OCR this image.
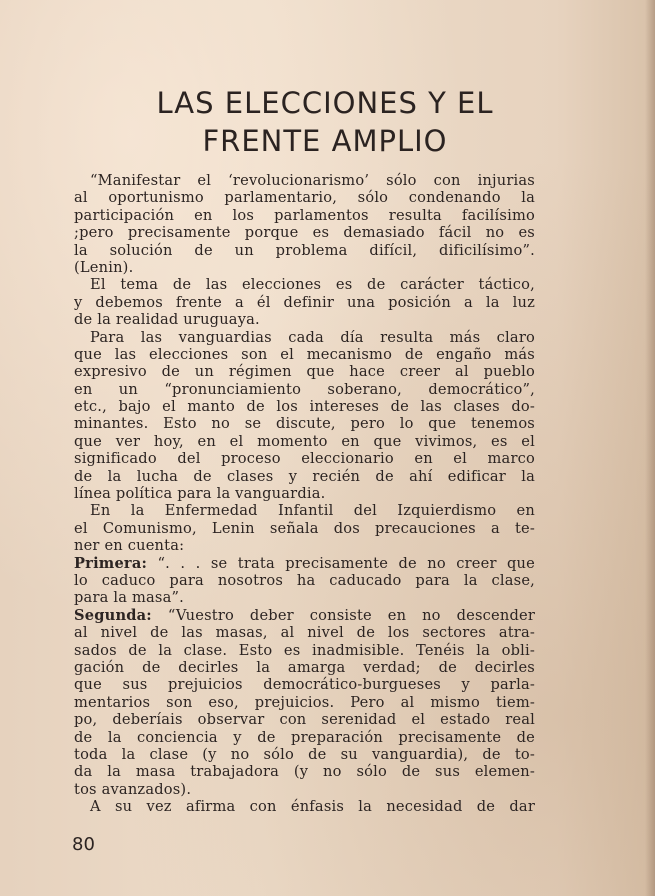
LAS ELECCIONES Y EL
FRENTE AMPLIO
“Manifestar el ‘revolucionarismo’ sólo con injurias
al oportunismo parlamentario, sólo condenando la
participación en los parlamentos resulta facilísimo
;pero precisamente porque es demasiado fácil no es
la solución de un problema difícil, dificilísimo”.
(Lenin).
El tema de las elecciones es de carácter táctico,
y debemos frente a él definir una posición a la luz
de la realidad uruguaya.
Para las vanguardias cada día resulta más claro
que las elecciones son el mecanismo de engaño más
expresivo de un régimen que hace creer al pueblo
en un “pronunciamiento soberano, democrático”,
etc., bajo el manto de los intereses de las clases do-
minantes. Esto no se discute, pero lo que tenemos
que ver hoy, en el momento en que vivimos, es el
significado del proceso eleccionario en el marco
de la lucha de clases y recién de ahí edificar la
línea política para la vanguardia.
En la Enfermedad Infantil del Izquierdismo en
el Comunismo, Lenin señala dos precauciones a te-
ner en cuenta:
Primera: “. . . se trata precisamente de no creer que
lo caduco para nosotros ha caducado para la clase,
para la masa”.
Segunda: “Vuestro deber consiste en no descender
al nivel de las masas, al nivel de los sectores atra-
sados de la clase. Esto es inadmisible. Tenéis la obli-
gación de decirles la amarga verdad; de decirles
que sus prejuicios democrático-burgueses y parla-
mentarios son eso, prejuicios. Pero al mismo tiem-
po, deberíais observar con serenidad el estado real
de la conciencia y de preparación precisamente de
toda la clase (y no sólo de su vanguardia), de to-
da la masa trabajadora (y no sólo de sus elemen-
tos avanzados).
A su vez afirma con énfasis la necesidad de dar
80
